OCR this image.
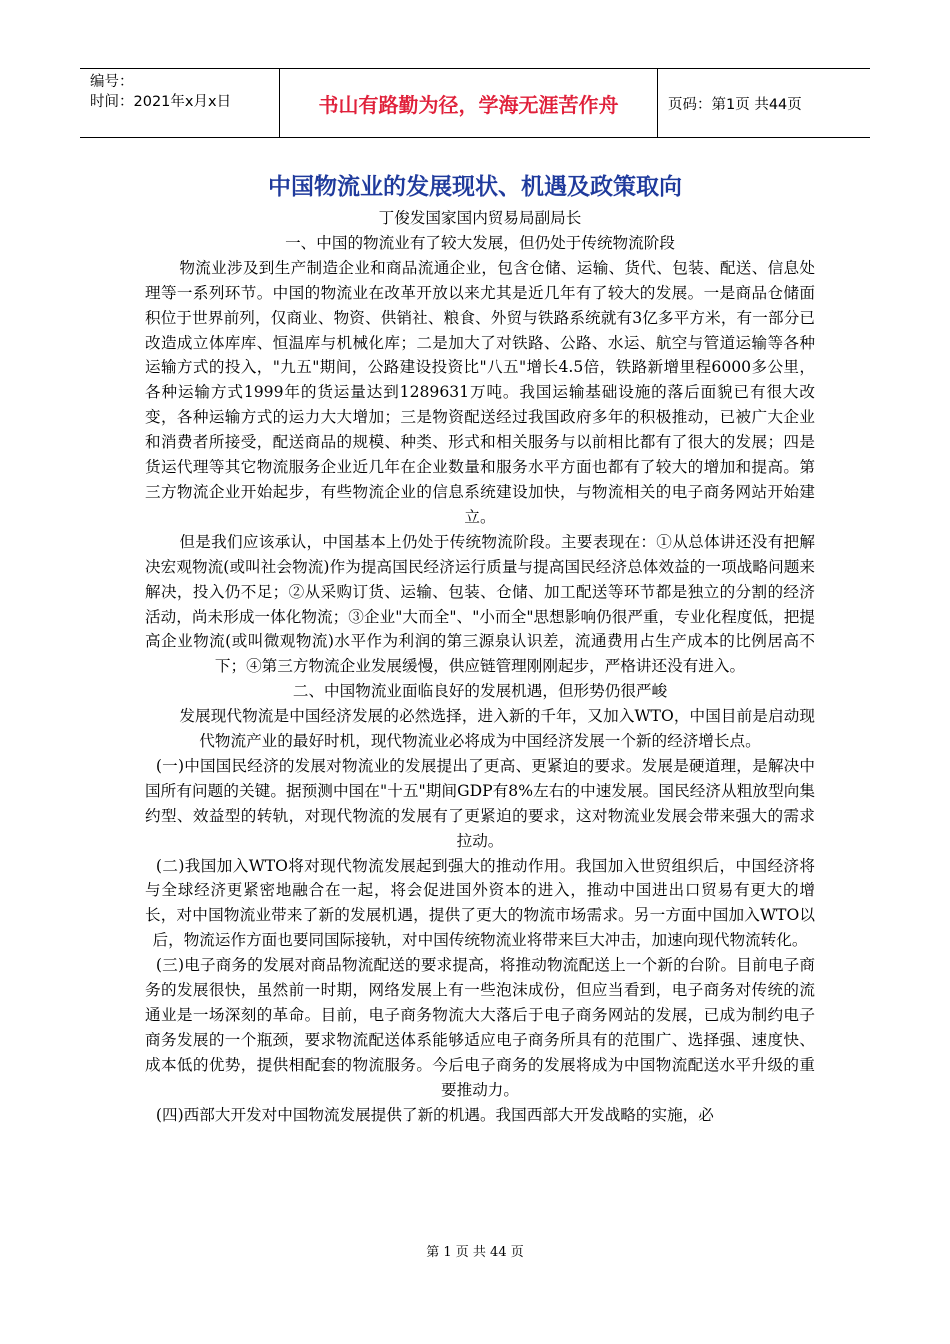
编号：
时间：2021年x月x日	书山有路勤为径，学海无涯苦作舟	页码：第1页 共44页
中国物流业的发展现状、机遇及政策取向

丁俊发国家国内贸易局副局长

一、中国的物流业有了较大发展，但仍处于传统物流阶段

物流业涉及到生产制造企业和商品流通企业，包含仓储、运输、货代、包装、配送、信息处理等一系列环节。中国的物流业在改革开放以来尤其是近几年有了较大的发展。一是商品仓储面积位于世界前列，仅商业、物资、供销社、粮食、外贸与铁路系统就有3亿多平方米，有一部分已改造成立体库库、恒温库与机械化库；二是加大了对铁路、公路、水运、航空与管道运输等各种运输方式的投入，"九五"期间，公路建设投资比"八五"增长4.5倍，铁路新增里程6000多公里，各种运输方式1999年的货运量达到1289631万吨。我国运输基础设施的落后面貌已有很大改变，各种运输方式的运力大大增加；三是物资配送经过我国政府多年的积极推动，已被广大企业和消费者所接受，配送商品的规模、种类、形式和相关服务与以前相比都有了很大的发展；四是货运代理等其它物流服务企业近几年在企业数量和服务水平方面也都有了较大的增加和提高。第三方物流企业开始起步，有些物流企业的信息系统建设加快，与物流相关的电子商务网站开始建立。

但是我们应该承认，中国基本上仍处于传统物流阶段。主要表现在：①从总体讲还没有把解决宏观物流(或叫社会物流)作为提高国民经济运行质量与提高国民经济总体效益的一项战略问题来解决，投入仍不足；②从采购订货、运输、包装、仓储、加工配送等环节都是独立的分割的经济活动，尚未形成一体化物流；③企业"大而全"、"小而全"思想影响仍很严重，专业化程度低，把提高企业物流(或叫微观物流)水平作为利润的第三源泉认识差，流通费用占生产成本的比例居高不下；④第三方物流企业发展缓慢，供应链管理刚刚起步，严格讲还没有进入。

二、中国物流业面临良好的发展机遇，但形势仍很严峻

发展现代物流是中国经济发展的必然选择，进入新的千年，又加入WTO，中国目前是启动现代物流产业的最好时机，现代物流业必将成为中国经济发展一个新的经济增长点。

(一)中国国民经济的发展对物流业的发展提出了更高、更紧迫的要求。发展是硬道理，是解决中国所有问题的关键。据预测中国在"十五"期间GDP有8%左右的中速发展。国民经济从粗放型向集约型、效益型的转轨，对现代物流的发展有了更紧迫的要求，这对物流业发展会带来强大的需求拉动。

(二)我国加入WTO将对现代物流发展起到强大的推动作用。我国加入世贸组织后，中国经济将与全球经济更紧密地融合在一起，将会促进国外资本的进入，推动中国进出口贸易有更大的增长，对中国物流业带来了新的发展机遇，提供了更大的物流市场需求。另一方面中国加入WTO以后，物流运作方面也要同国际接轨，对中国传统物流业将带来巨大冲击，加速向现代物流转化。

(三)电子商务的发展对商品物流配送的要求提高，将推动物流配送上一个新的台阶。目前电子商务的发展很快，虽然前一时期，网络发展上有一些泡沫成份，但应当看到，电子商务对传统的流通业是一场深刻的革命。目前，电子商务物流大大落后于电子商务网站的发展，已成为制约电子商务发展的一个瓶颈，要求物流配送体系能够适应电子商务所具有的范围广、选择强、速度快、成本低的优势，提供相配套的物流服务。今后电子商务的发展将成为中国物流配送水平升级的重要推动力。

(四)西部大开发对中国物流发展提供了新的机遇。我国西部大开发战略的实施，必

第 1 页 共 44 页
